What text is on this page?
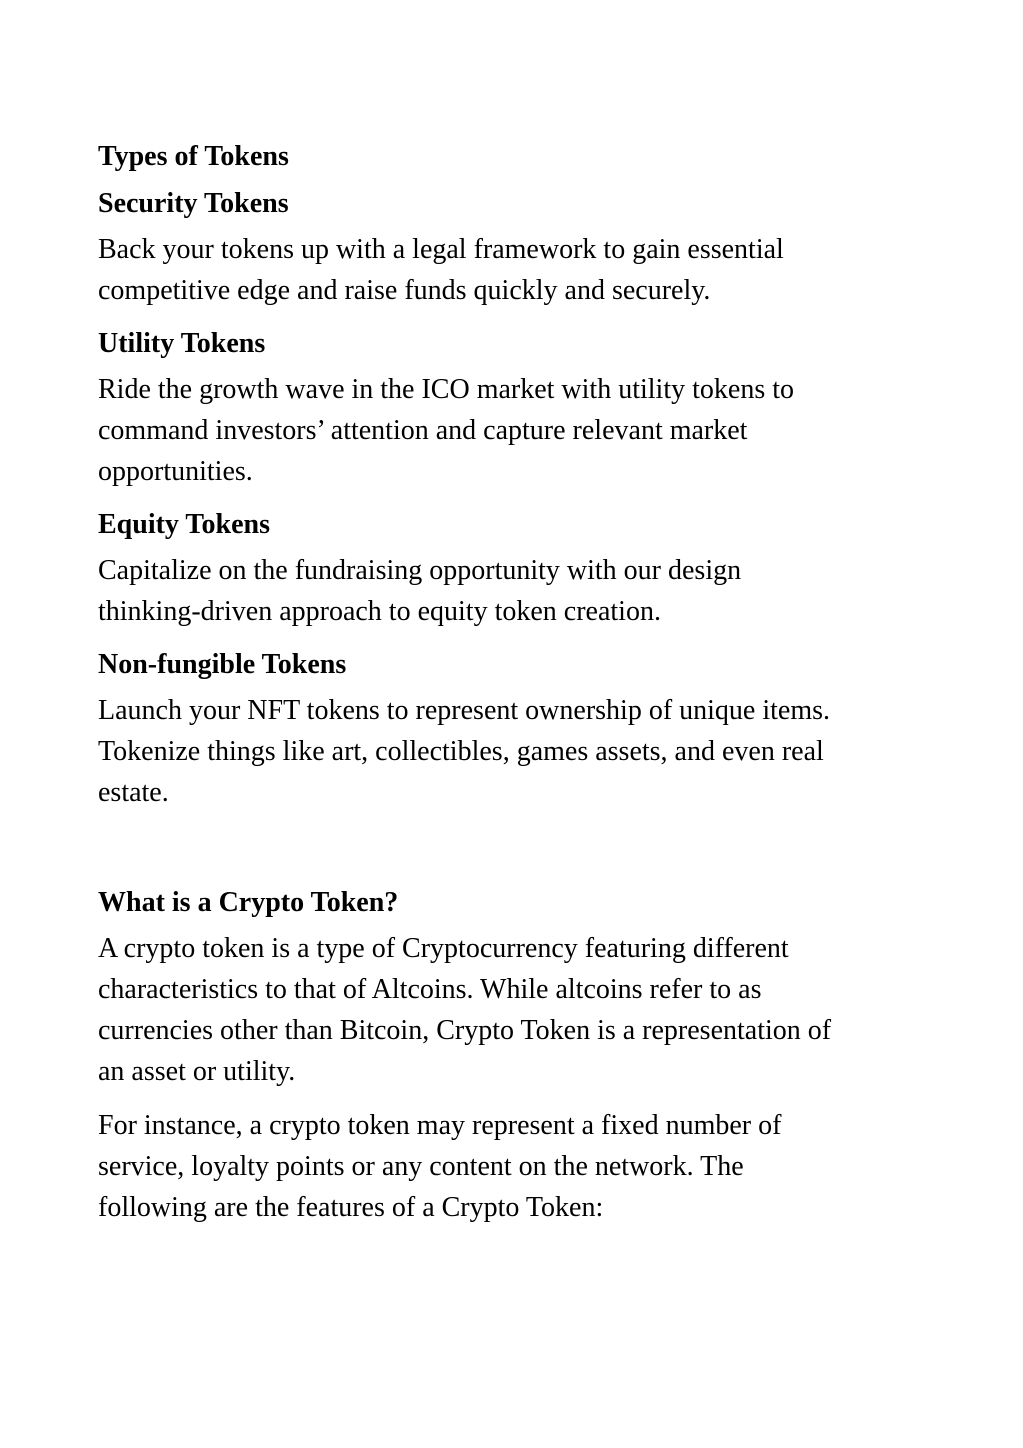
Types of Tokens
Security Tokens

Back your tokens up with a legal framework to gain essential
competitive edge and raise funds quickly and securely.

Utility Tokens

Ride the growth wave in the ICO market with utility tokens to
command investors’ attention and capture relevant market
opportunities.

Equity Tokens

Capitalize on the fundraising opportunity with our design
thinking-driven approach to equity token creation.

Non-fungible Tokens

Launch your NFT tokens to represent ownership of unique items.
Tokenize things like art, collectibles, games assets, and even real
estate.

What is a Crypto Token?

A crypto token is a type of Cryptocurrency featuring different
characteristics to that of Altcoins. While altcoins refer to as
currencies other than Bitcoin, Crypto Token is a representation of
an asset or utility.

For instance, a crypto token may represent a fixed number of
service, loyalty points or any content on the network. The
following are the features of a Crypto Token:
